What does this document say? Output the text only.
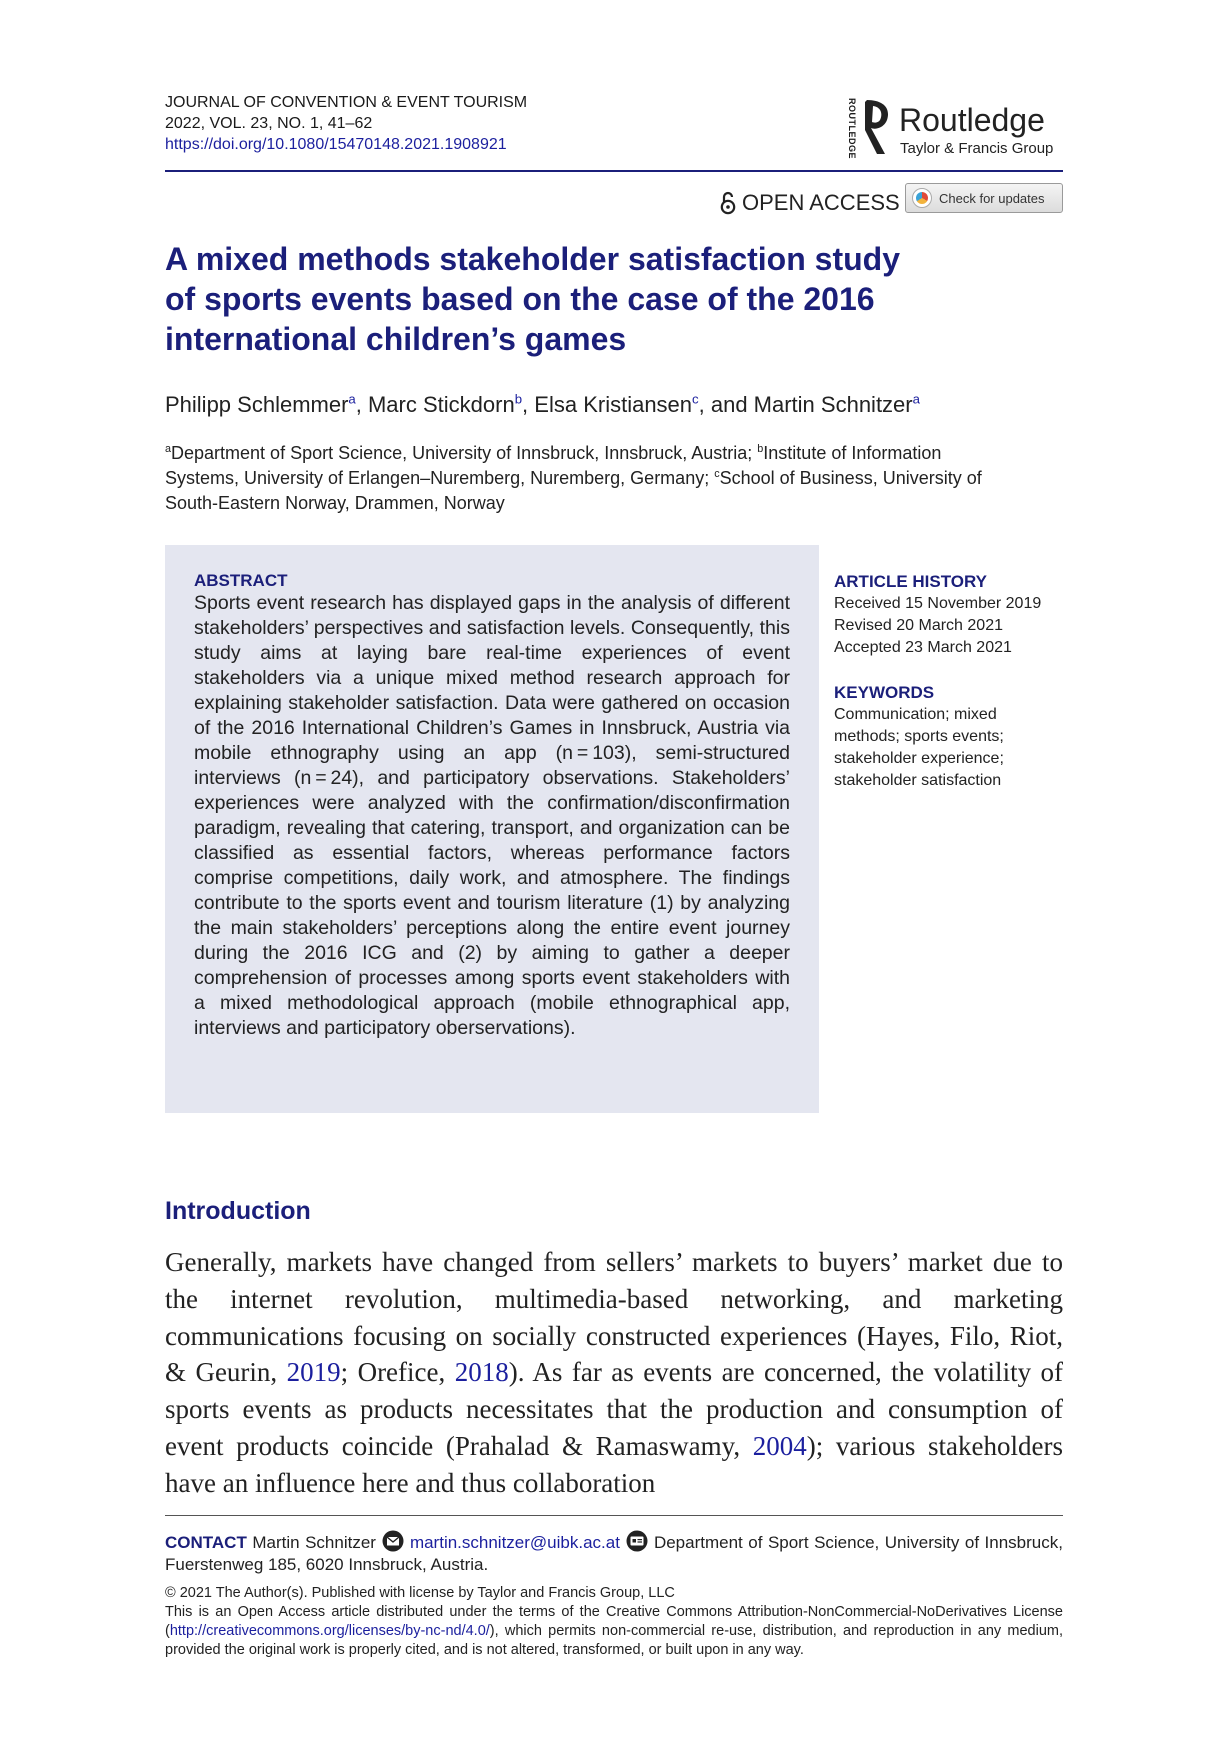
JOURNAL OF CONVENTION & EVENT TOURISM
2022, VOL. 23, NO. 1, 41–62
https://doi.org/10.1080/15470148.2021.1908921	ROUTLEDGE Routledge
Taylor & Francis Group
OPEN ACCESS	Check for updates
A mixed methods stakeholder satisfaction study
of sports events based on the case of the 2016
international children’s games
Philipp Schlemmer$^a$, Marc Stickdorn$^b$, Elsa Kristiansen$^c$, and Martin Schnitzer$^a$
$^a$Department of Sport Science, University of Innsbruck, Innsbruck, Austria; $^b$Institute of Information Systems, University of Erlangen–Nuremberg, Nuremberg, Germany; $^c$School of Business, University of South-Eastern Norway, Drammen, Norway
ABSTRACT
Sports event research has displayed gaps in the analysis of different stakeholders’ perspectives and satisfaction levels. Consequently, this study aims at laying bare real-time experiences of event stakeholders via a unique mixed method research approach for explaining stakeholder satisfaction. Data were gathered on occasion of the 2016 International Children’s Games in Innsbruck, Austria via mobile ethnography using an app (n = 103), semi-structured interviews (n = 24), and participatory observations. Stakeholders’ experiences were analyzed with the confirmation/disconfirmation paradigm, revealing that catering, transport, and organization can be classified as essential factors, whereas performance factors comprise competitions, daily work, and atmosphere. The findings contribute to the sports event and tourism literature (1) by analyzing the main stakeholders’ perceptions along the entire event journey during the 2016 ICG and (2) by aiming to gather a deeper comprehension of processes among sports event stakeholders with a mixed methodological approach (mobile ethnographical app, interviews and participatory oberservations).
ARTICLE HISTORY
Received 15 November 2019
Revised 20 March 2021
Accepted 23 March 2021
KEYWORDS
Communication; mixed
methods; sports events;
stakeholder experience;
stakeholder satisfaction
Introduction
Generally, markets have changed from sellers’ markets to buyers’ market due to the internet revolution, multimedia-based networking, and marketing communications focusing on socially constructed experiences (Hayes, Filo, Riot, & Geurin, 2019; Orefice, 2018). As far as events are concerned, the volatility of sports events as products necessitates that the production and consumption of event products coincide (Prahalad & Ramaswamy, 2004); various stakeholders have an influence here and thus collaboration
CONTACT Martin Schnitzer martin.schnitzer@uibk.ac.at Department of Sport Science, University of Innsbruck, Fuerstenweg 185, 6020 Innsbruck, Austria.
© 2021 The Author(s). Published with license by Taylor and Francis Group, LLC
This is an Open Access article distributed under the terms of the Creative Commons Attribution-NonCommercial-NoDerivatives License (http://creativecommons.org/licenses/by-nc-nd/4.0/), which permits non-commercial re-use, distribution, and reproduction in any medium, provided the original work is properly cited, and is not altered, transformed, or built upon in any way.
